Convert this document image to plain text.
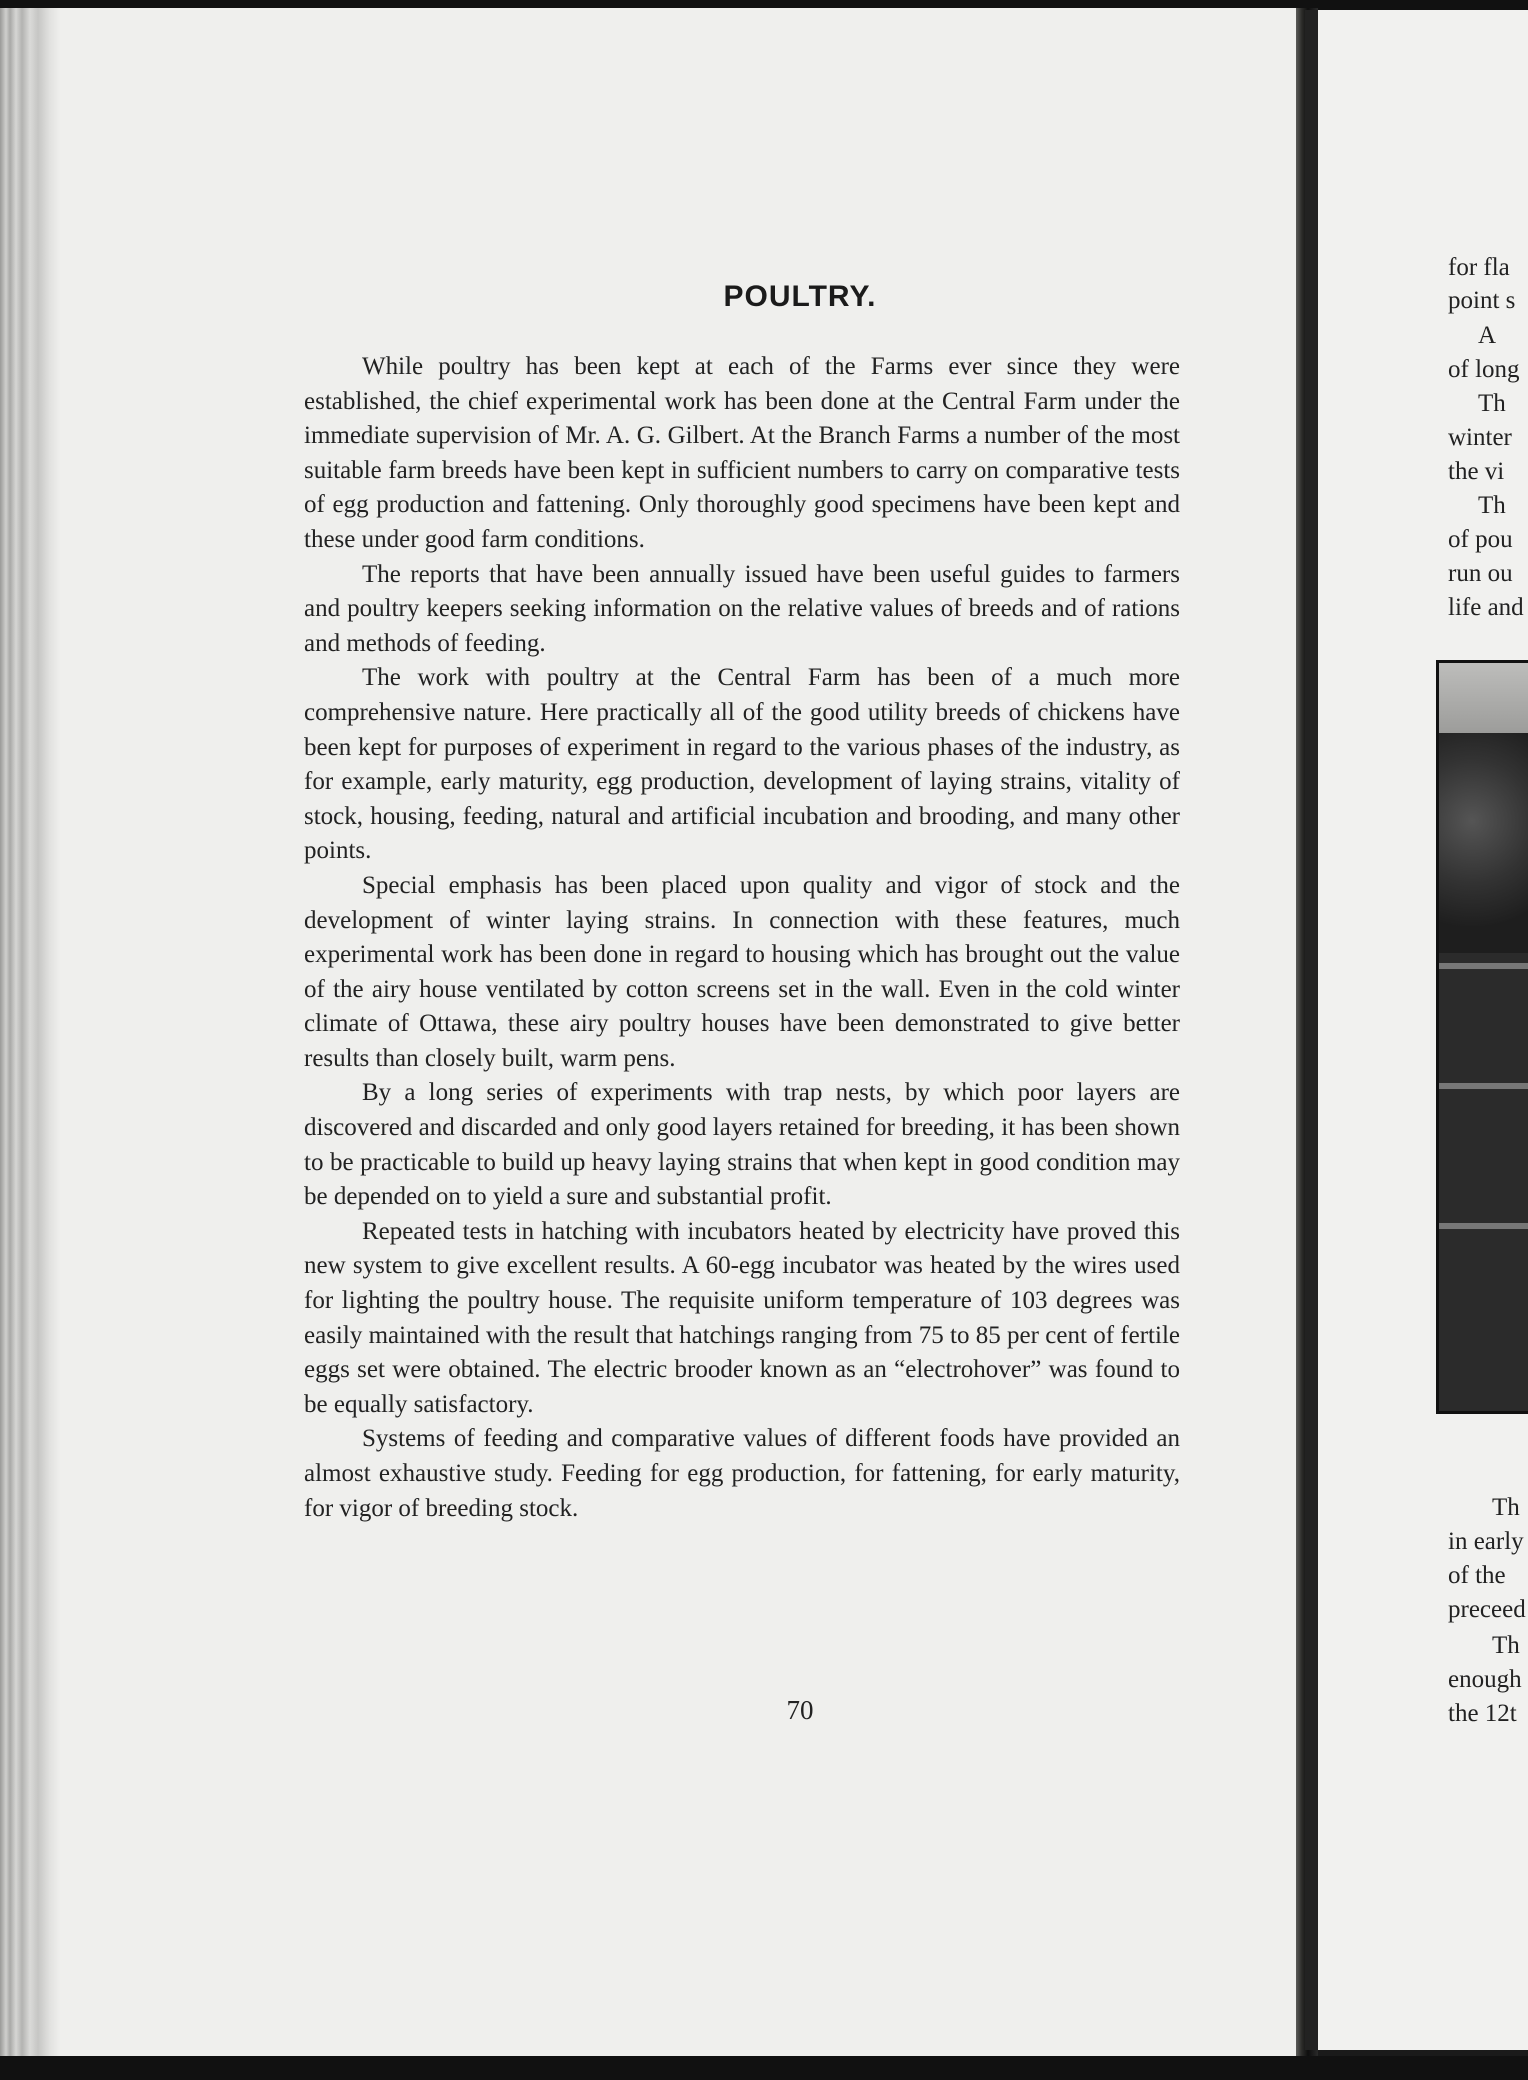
POULTRY.

While poultry has been kept at each of the Farms ever since they were established, the chief experimental work has been done at the Central Farm under the immediate supervision of Mr. A. G. Gilbert. At the Branch Farms a number of the most suitable farm breeds have been kept in sufficient numbers to carry on comparative tests of egg production and fattening. Only thoroughly good specimens have been kept and these under good farm conditions.

The reports that have been annually issued have been useful guides to farmers and poultry keepers seeking information on the relative values of breeds and of rations and methods of feeding.

The work with poultry at the Central Farm has been of a much more comprehensive nature. Here practically all of the good utility breeds of chickens have been kept for purposes of experiment in regard to the various phases of the industry, as for example, early maturity, egg production, development of laying strains, vitality of stock, housing, feeding, natural and artificial incubation and brooding, and many other points.

Special emphasis has been placed upon quality and vigor of stock and the development of winter laying strains. In connection with these features, much experimental work has been done in regard to housing which has brought out the value of the airy house ventilated by cotton screens set in the wall. Even in the cold winter climate of Ottawa, these airy poultry houses have been demonstrated to give better results than closely built, warm pens.

By a long series of experiments with trap nests, by which poor layers are discovered and discarded and only good layers retained for breeding, it has been shown to be practicable to build up heavy laying strains that when kept in good condition may be depended on to yield a sure and substantial profit.

Repeated tests in hatching with incubators heated by electricity have proved this new system to give excellent results. A 60-egg incubator was heated by the wires used for lighting the poultry house. The requisite uniform temperature of 103 degrees was easily maintained with the result that hatchings ranging from 75 to 85 per cent of fertile eggs set were obtained. The electric brooder known as an “electrohover” was found to be equally satisfactory.

Systems of feeding and comparative values of different foods have provided an almost exhaustive study. Feeding for egg production, for fattening, for early maturity, for vigor of breeding stock.

70
for fla
point s
A
of long
Th
winter
the vi
Th
of pou
run ou
life and
Th
in early
of the
preceed
Th
enough
the 12t
